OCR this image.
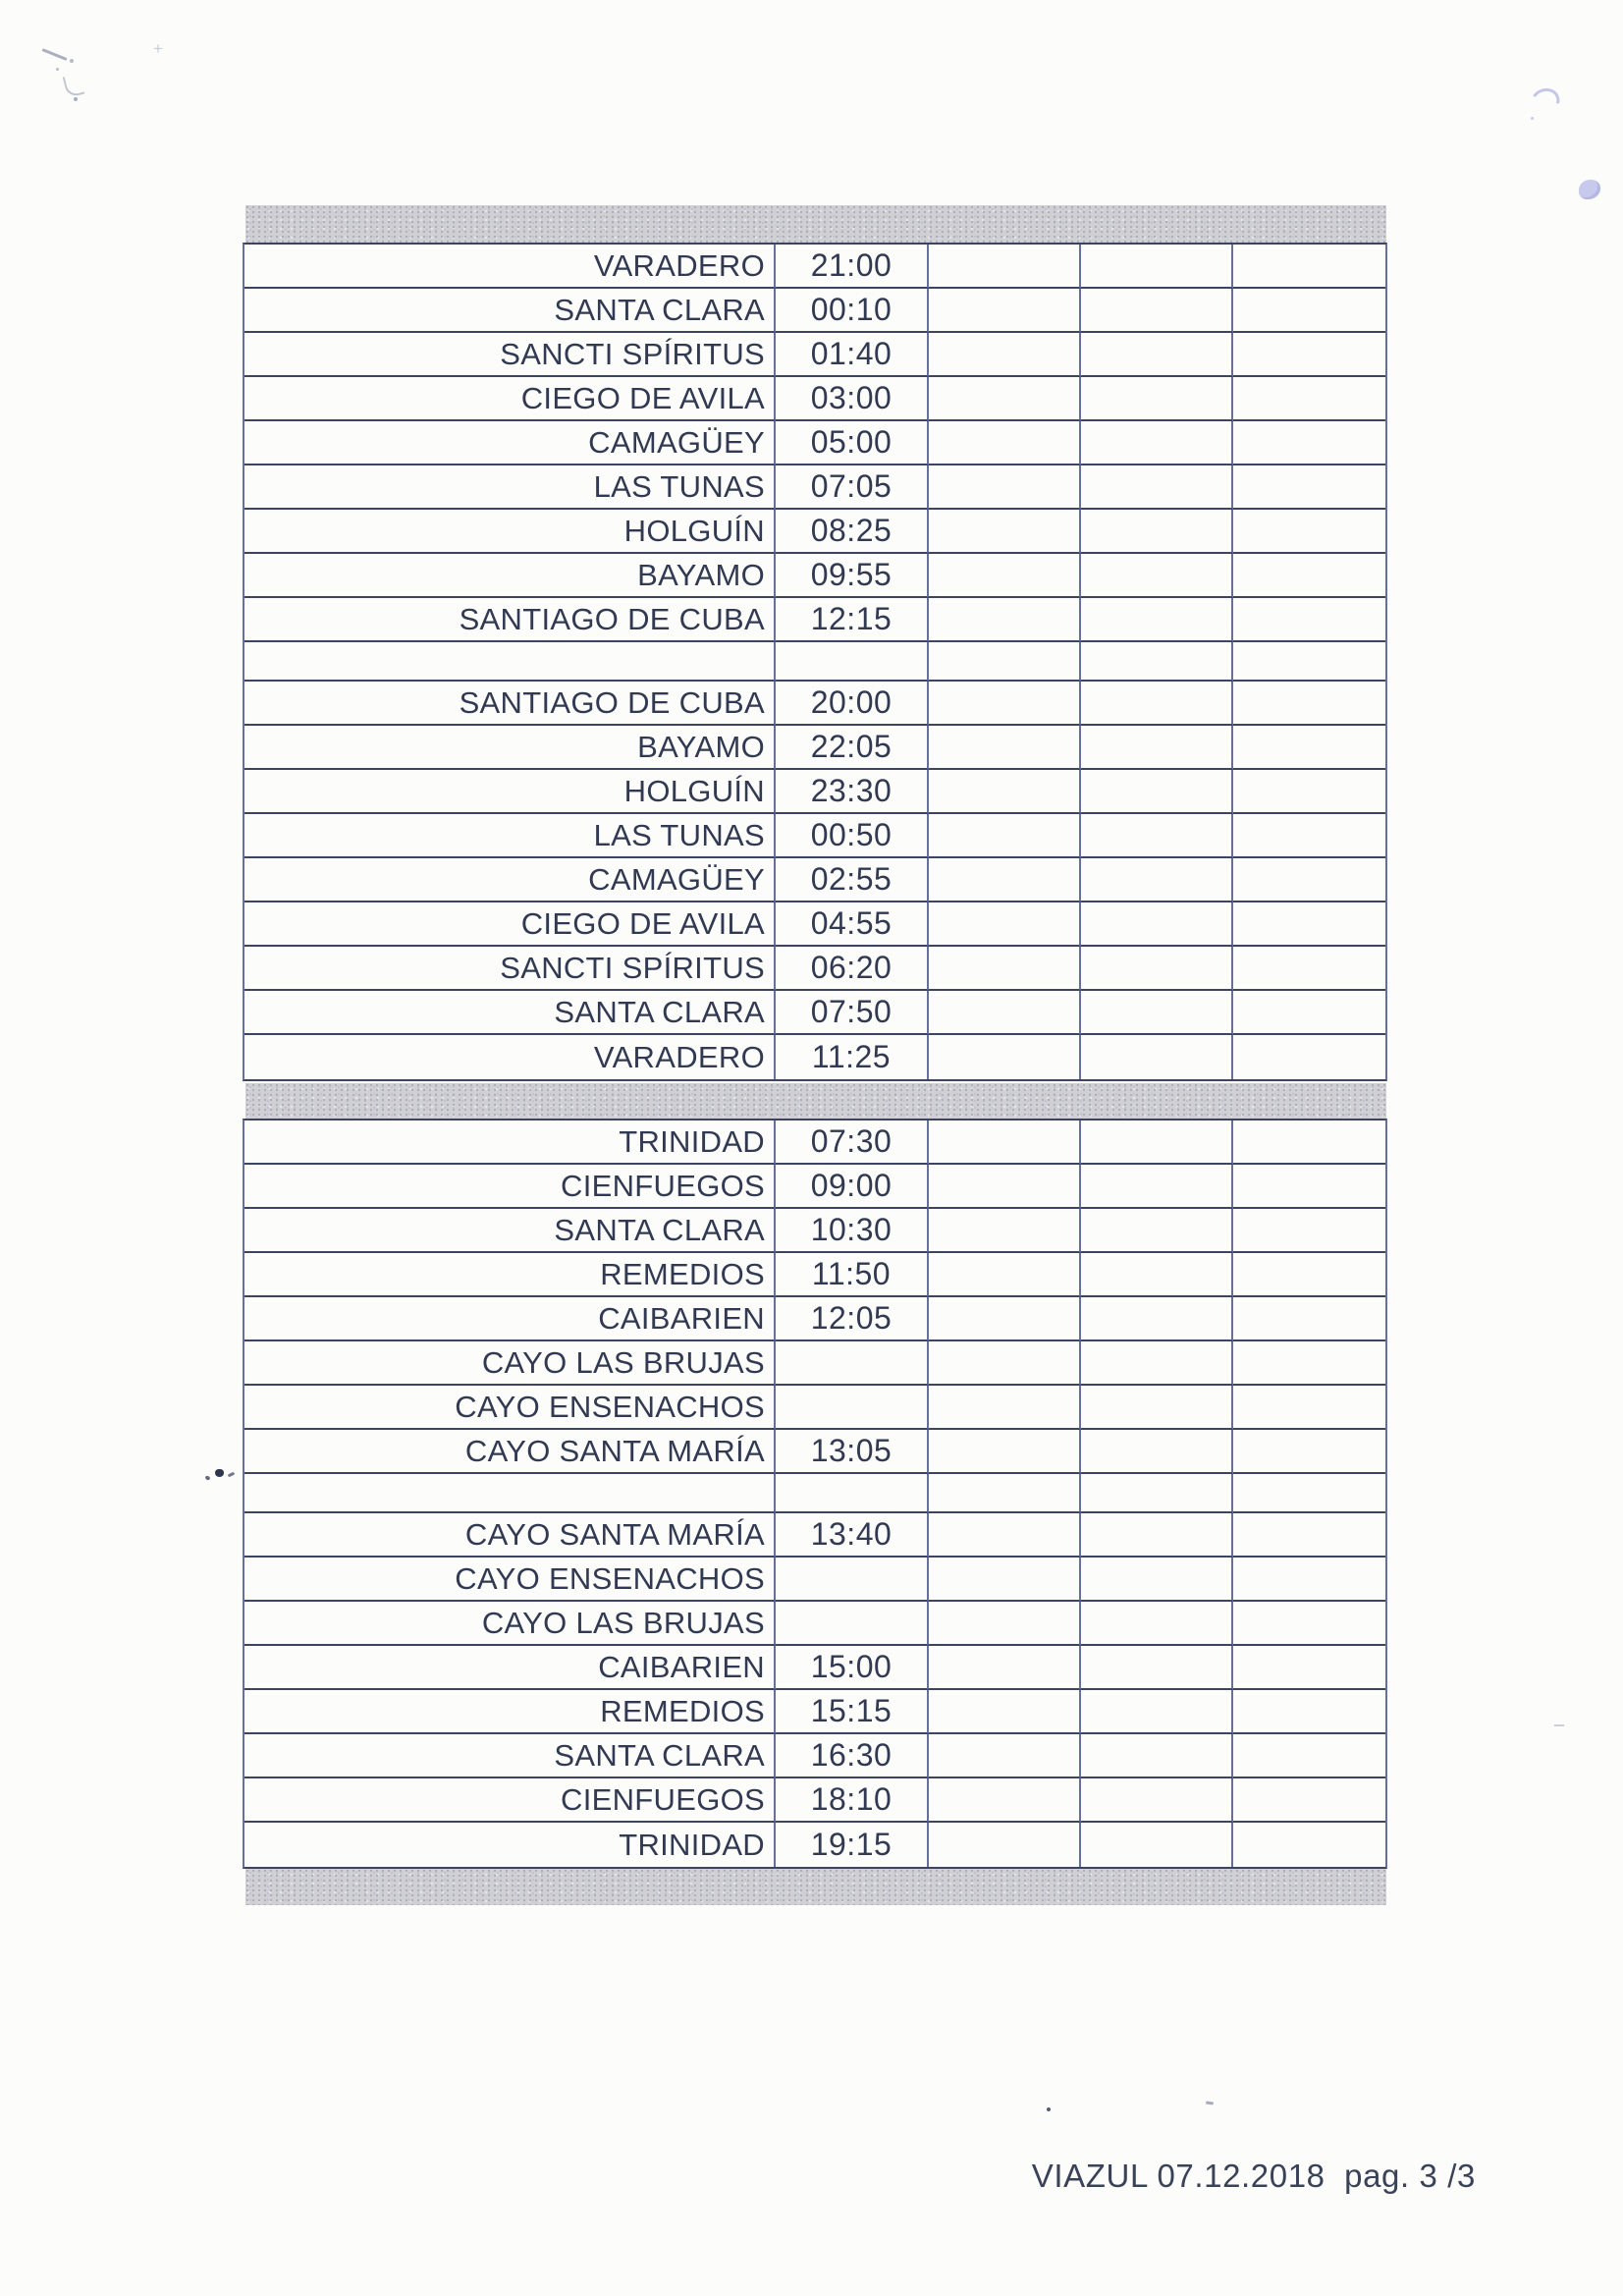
VARADERO	21:00
SANTA CLARA	00:10
SANCTI SPÍRITUS	01:40
CIEGO DE AVILA	03:00
CAMAGÜEY	05:00
LAS TUNAS	07:05
HOLGUÍN	08:25
BAYAMO	09:55
SANTIAGO DE CUBA	12:15
SANTIAGO DE CUBA	20:00
BAYAMO	22:05
HOLGUÍN	23:30
LAS TUNAS	00:50
CAMAGÜEY	02:55
CIEGO DE AVILA	04:55
SANCTI SPÍRITUS	06:20
SANTA CLARA	07:50
VARADERO	11:25
TRINIDAD	07:30
CIENFUEGOS	09:00
SANTA CLARA	10:30
REMEDIOS	11:50
CAIBARIEN	12:05
CAYO LAS BRUJAS
CAYO ENSENACHOS
CAYO SANTA MARÍA	13:05
CAYO SANTA MARÍA	13:40
CAYO ENSENACHOS
CAYO LAS BRUJAS
CAIBARIEN	15:00
REMEDIOS	15:15
SANTA CLARA	16:30
CIENFUEGOS	18:10
TRINIDAD	19:15
VIAZUL 07.12.2018  pag. 3 /3
+
